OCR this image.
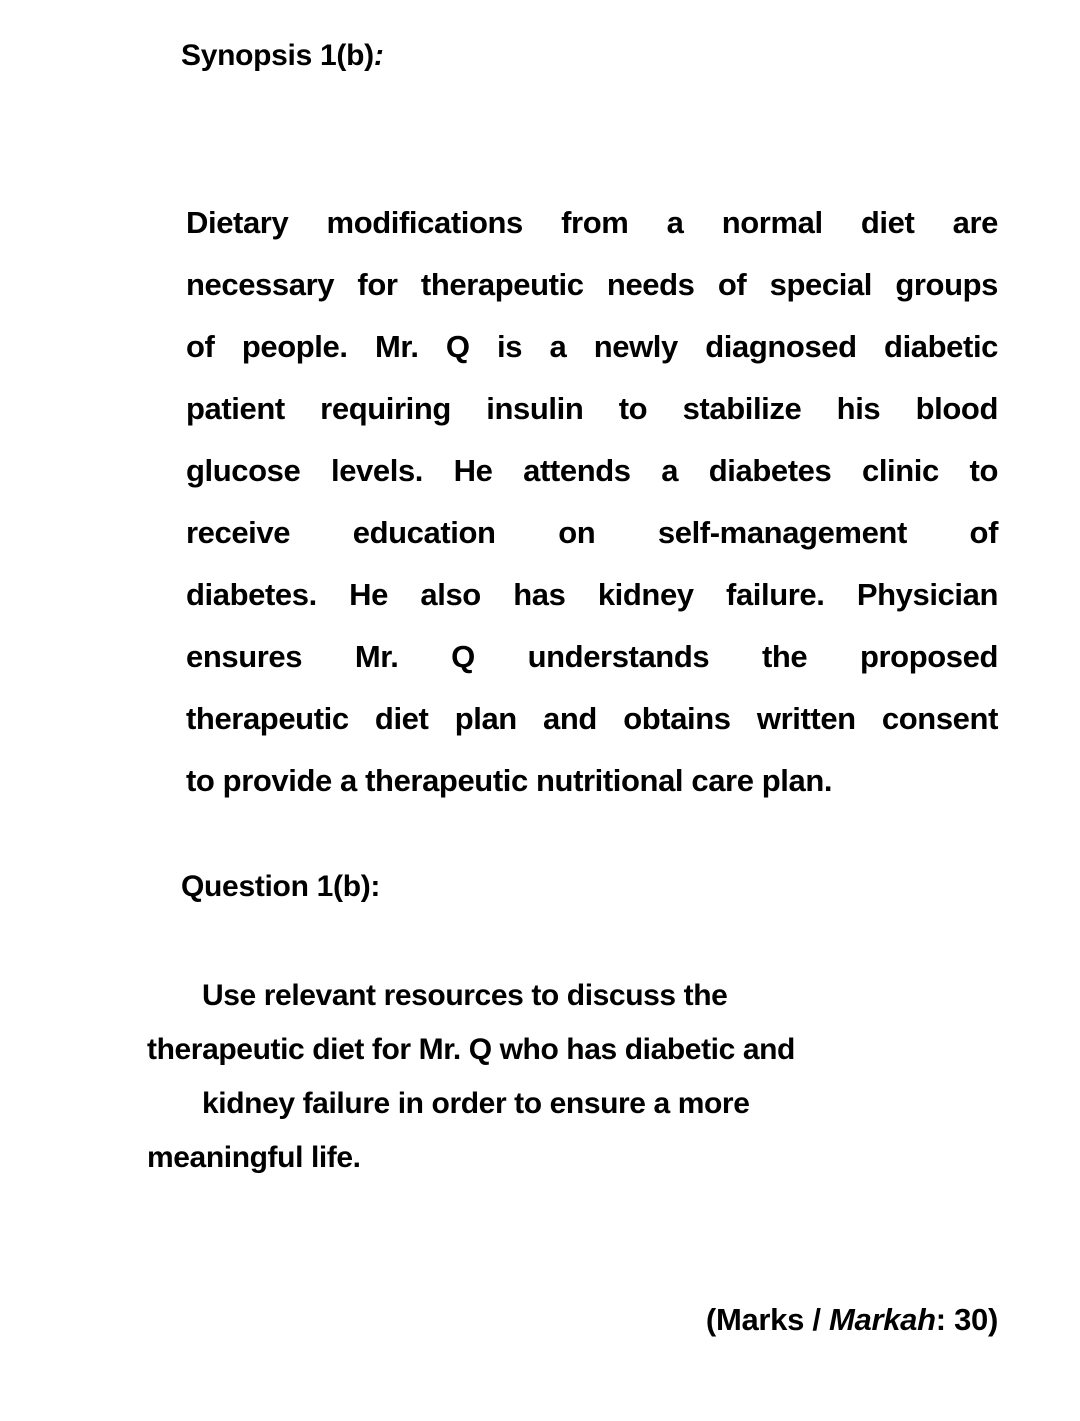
Synopsis 1(b):
Dietary modifications from a normal diet are
necessary for therapeutic needs of special groups
of people. Mr. Q is a newly diagnosed diabetic
patient requiring insulin to stabilize his blood
glucose levels. He attends a diabetes clinic to
receive education on self-management of
diabetes. He also has kidney failure. Physician
ensures Mr. Q understands the proposed
therapeutic diet plan and obtains written consent
to provide a therapeutic nutritional care plan.
Question 1(b):

Use relevant resources to discuss the

therapeutic diet for Mr. Q who has diabetic and

kidney failure in order to ensure a more

meaningful life.

(Marks / Markah: 30)
